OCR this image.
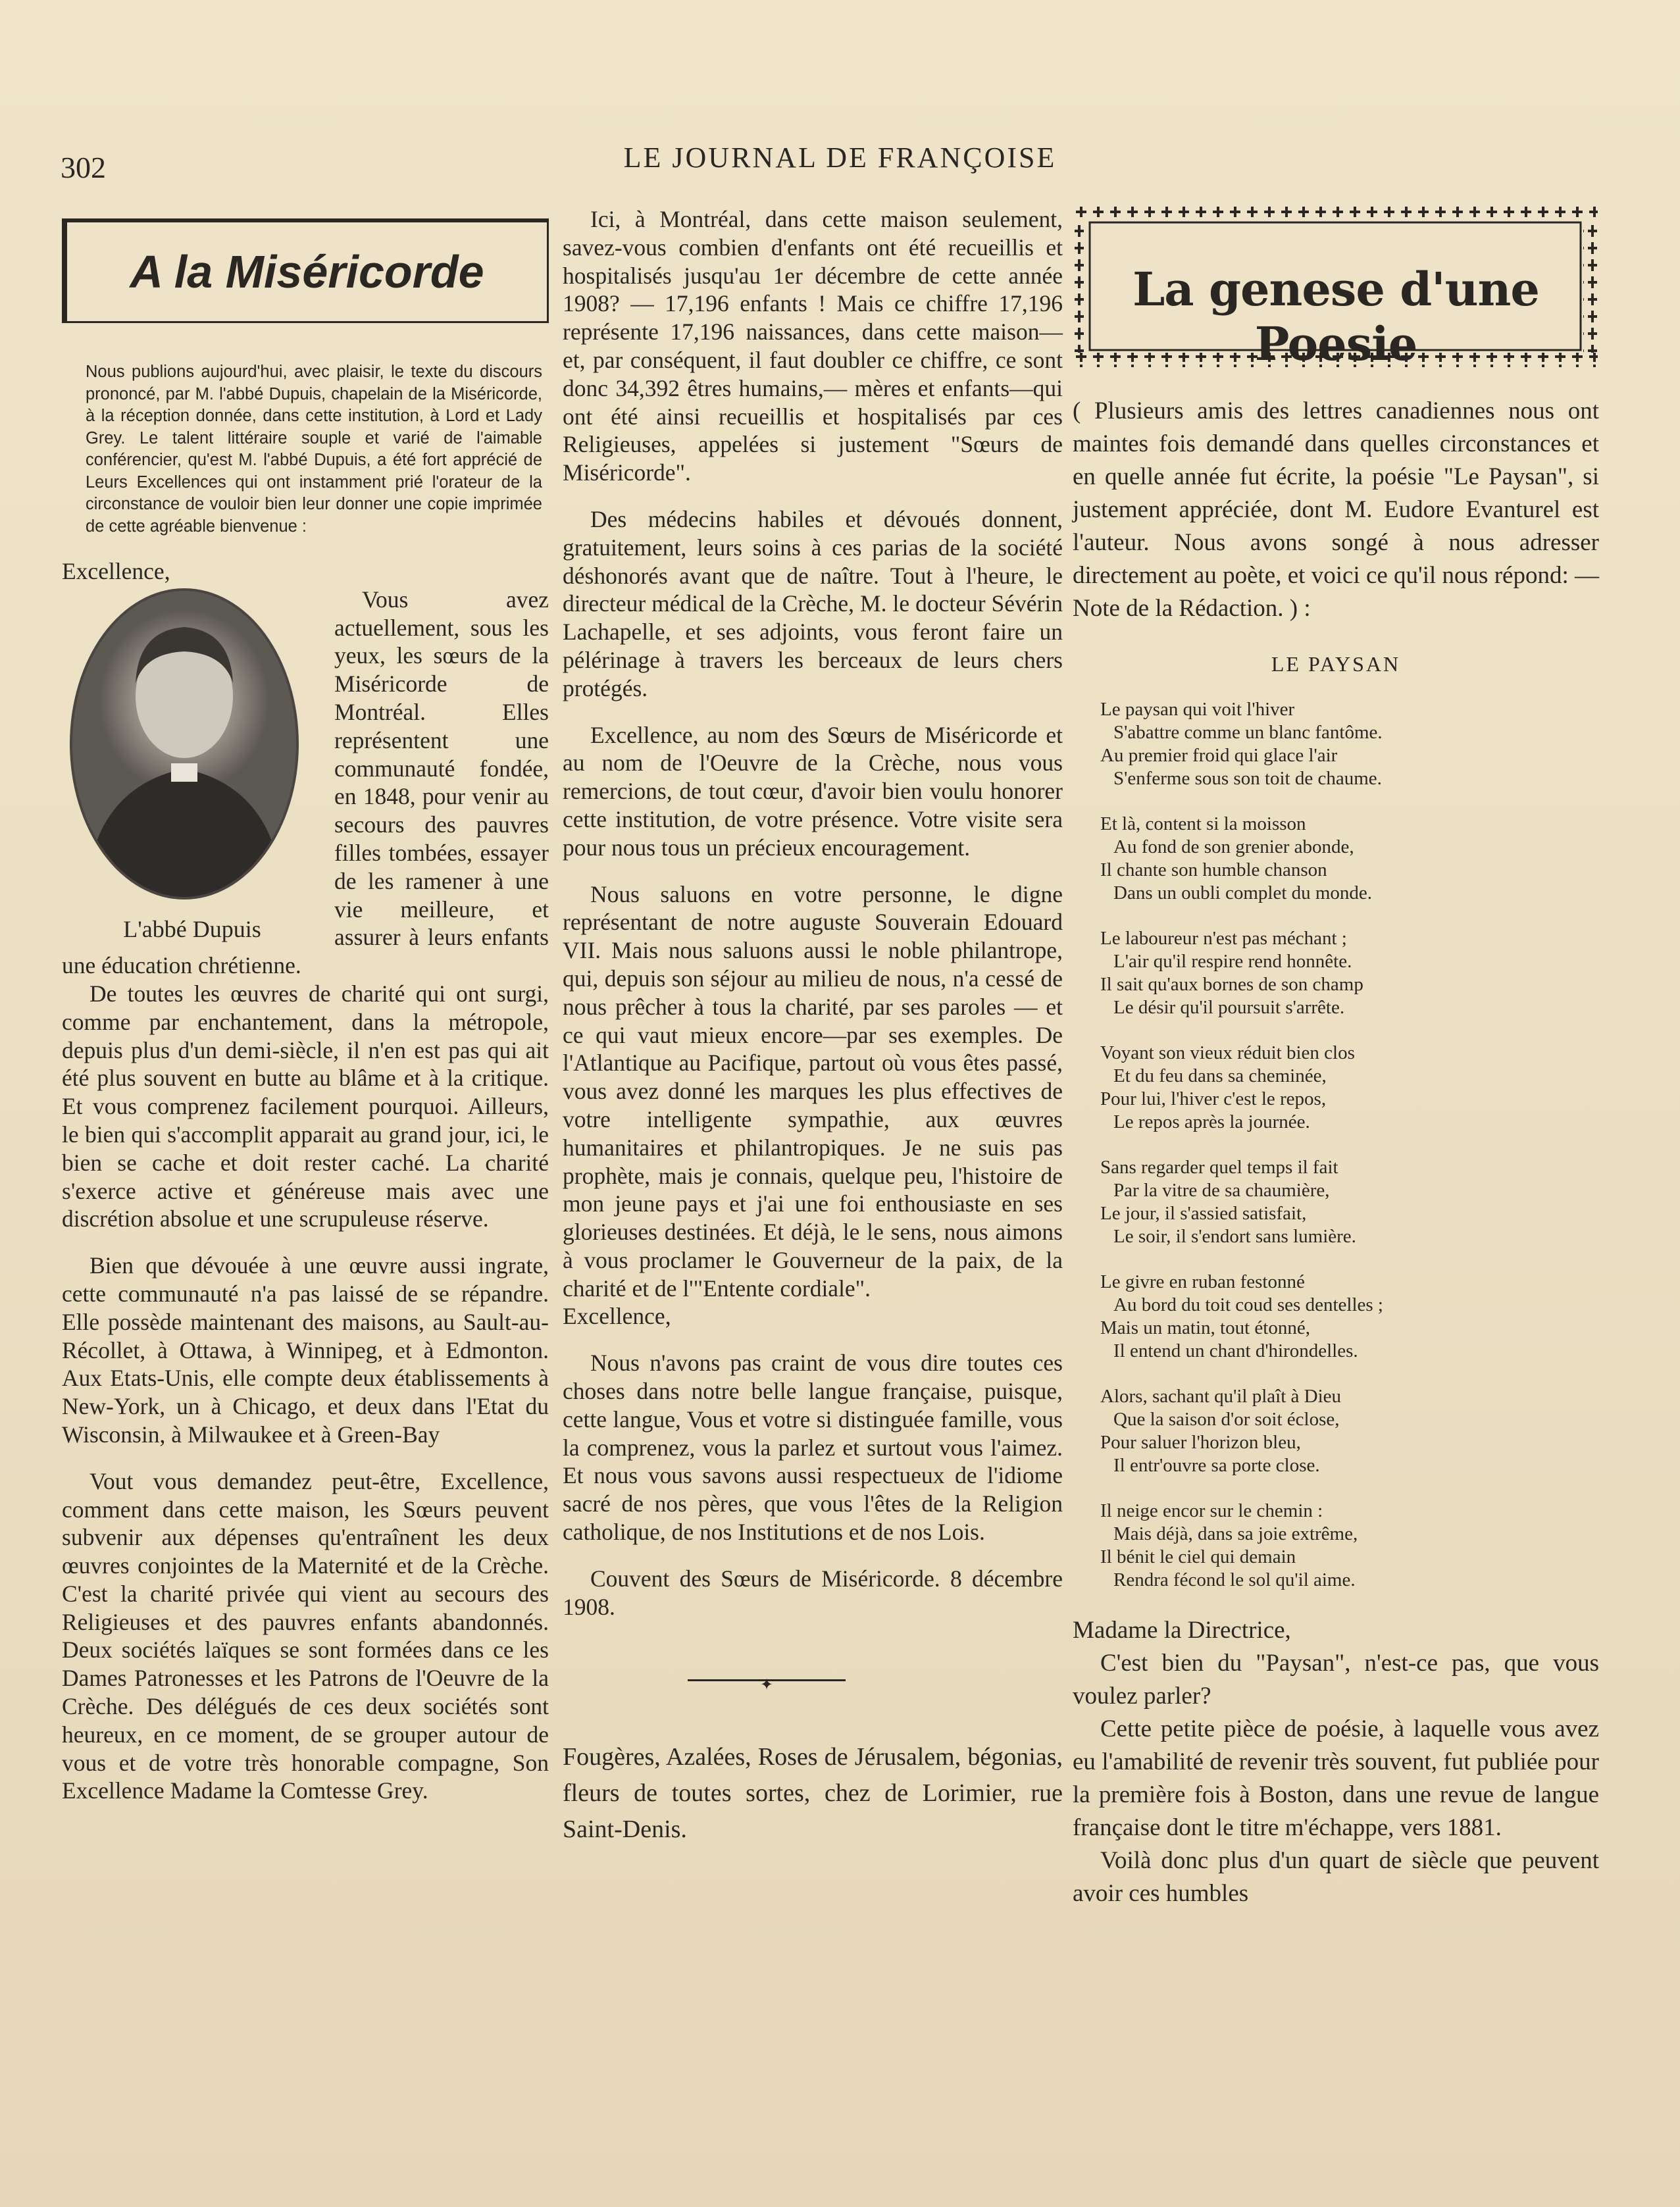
302	LE JOURNAL DE FRANÇOISE
A la Miséricorde
Nous publions aujourd'hui, avec plaisir, le texte du discours prononcé, par M. l'abbé Dupuis, chapelain de la Miséricorde, à la réception donnée, dans cette institution, à Lord et Lady Grey. Le talent littéraire souple et varié de l'aimable conférencier, qu'est M. l'abbé Dupuis, a été fort apprécié de Leurs Excellences qui ont instamment prié l'orateur de la circonstance de vouloir bien leur donner une copie imprimée de cette agréable bienvenue :

Excellence,

L'abbé Dupuis

Vous avez actuellement, sous les yeux, les sœurs de la Miséricorde de Montréal. Elles représentent une communauté fondée, en 1848, pour venir au secours des pauvres filles tombées, essayer de les ramener à une vie meilleure, et assurer à leurs enfants une éducation chrétienne.

De toutes les œuvres de charité qui ont surgi, comme par enchantement, dans la métropole, depuis plus d'un demi-siècle, il n'en est pas qui ait été plus souvent en butte au blâme et à la critique. Et vous comprenez facilement pourquoi. Ailleurs, le bien qui s'accomplit apparait au grand jour, ici, le bien se cache et doit rester caché. La charité s'exerce active et généreuse mais avec une discrétion absolue et une scrupuleuse réserve.

Bien que dévouée à une œuvre aussi ingrate, cette communauté n'a pas laissé de se répandre. Elle possède maintenant des maisons, au Sault-au-Récollet, à Ottawa, à Winnipeg, et à Edmonton. Aux Etats-Unis, elle compte deux établissements à New-York, un à Chicago, et deux dans l'Etat du Wisconsin, à Milwaukee et à Green-Bay

Vout vous demandez peut-être, Excellence, comment dans cette maison, les Sœurs peuvent subvenir aux dépenses qu'entraînent les deux œuvres conjointes de la Maternité et de la Crèche. C'est la charité privée qui vient au secours des Religieuses et des pauvres enfants abandonnés. Deux sociétés laïques se sont formées dans ce les Dames Patronesses et les Patrons de l'Oeuvre de la Crèche. Des délégués de ces deux sociétés sont heureux, en ce moment, de se grouper autour de vous et de votre très honorable compagne, Son Excellence Madame la Comtesse Grey.

Ici, à Montréal, dans cette maison seulement, savez-vous combien d'enfants ont été recueillis et hospitalisés jusqu'au 1er décembre de cette année 1908? — 17,196 enfants ! Mais ce chiffre 17,196 représente 17,196 naissances, dans cette maison— et, par conséquent, il faut doubler ce chiffre, ce sont donc 34,392 êtres humains,— mères et enfants—qui ont été ainsi recueillis et hospitalisés par ces Religieuses, appelées si justement "Sœurs de Miséricorde".

Des médecins habiles et dévoués donnent, gratuitement, leurs soins à ces parias de la société déshonorés avant que de naître. Tout à l'heure, le directeur médical de la Crèche, M. le docteur Sévérin Lachapelle, et ses adjoints, vous feront faire un pélérinage à travers les berceaux de leurs chers protégés.

Excellence, au nom des Sœurs de Miséricorde et au nom de l'Oeuvre de la Crèche, nous vous remercions, de tout cœur, d'avoir bien voulu honorer cette institution, de votre présence. Votre visite sera pour nous tous un précieux encouragement.

Nous saluons en votre personne, le digne représentant de notre auguste Souverain Edouard VII. Mais nous saluons aussi le noble philantrope, qui, depuis son séjour au milieu de nous, n'a cessé de nous prêcher à tous la charité, par ses paroles — et ce qui vaut mieux encore—par ses exemples. De l'Atlantique au Pacifique, partout où vous êtes passé, vous avez donné les marques les plus effectives de votre intelligente sympathie, aux œuvres humanitaires et philantropiques. Je ne suis pas prophète, mais je connais, quelque peu, l'histoire de mon jeune pays et j'ai une foi enthousiaste en ses glorieuses destinées. Et déjà, le le sens, nous aimons à vous proclamer le Gouverneur de la paix, de la charité et de l'"Entente cordiale".

Excellence,

Nous n'avons pas craint de vous dire toutes ces choses dans notre belle langue française, puisque, cette langue, Vous et votre si distinguée famille, vous la comprenez, vous la parlez et surtout vous l'aimez. Et nous vous savons aussi respectueux de l'idiome sacré de nos pères, que vous l'êtes de la Religion catholique, de nos Institutions et de nos Lois.

Couvent des Sœurs de Miséricorde. 8 décembre 1908.

✦
Fougères, Azalées, Roses de Jérusalem, bégonias, fleurs de toutes sortes, chez de Lorimier, rue Saint-Denis.
La genese d'une Poesie

( Plusieurs amis des lettres canadiennes nous ont maintes fois demandé dans quelles circonstances et en quelle année fut écrite, la poésie "Le Paysan", si justement appréciée, dont M. Eudore Evanturel est l'auteur. Nous avons songé à nous adresser directement au poète, et voici ce qu'il nous répond: —Note de la Rédaction. ) :

LE PAYSAN
Le paysan qui voit l'hiver
S'abattre comme un blanc fantôme.
Au premier froid qui glace l'air
S'enferme sous son toit de chaume.
Et là, content si la moisson
Au fond de son grenier abonde,
Il chante son humble chanson
Dans un oubli complet du monde.
Le laboureur n'est pas méchant ;
L'air qu'il respire rend honnête.
Il sait qu'aux bornes de son champ
Le désir qu'il poursuit s'arrête.
Voyant son vieux réduit bien clos
Et du feu dans sa cheminée,
Pour lui, l'hiver c'est le repos,
Le repos après la journée.
Sans regarder quel temps il fait
Par la vitre de sa chaumière,
Le jour, il s'assied satisfait,
Le soir, il s'endort sans lumière.
Le givre en ruban festonné
Au bord du toit coud ses dentelles ;
Mais un matin, tout étonné,
Il entend un chant d'hirondelles.
Alors, sachant qu'il plaît à Dieu
Que la saison d'or soit éclose,
Pour saluer l'horizon bleu,
Il entr'ouvre sa porte close.
Il neige encor sur le chemin :
Mais déjà, dans sa joie extrême,
Il bénit le ciel qui demain
Rendra fécond le sol qu'il aime.

Madame la Directrice,

C'est bien du "Paysan", n'est-ce pas, que vous voulez parler?

Cette petite pièce de poésie, à laquelle vous avez eu l'amabilité de revenir très souvent, fut publiée pour la première fois à Boston, dans une revue de langue française dont le titre m'échappe, vers 1881.

Voilà donc plus d'un quart de siècle que peuvent avoir ces humbles
